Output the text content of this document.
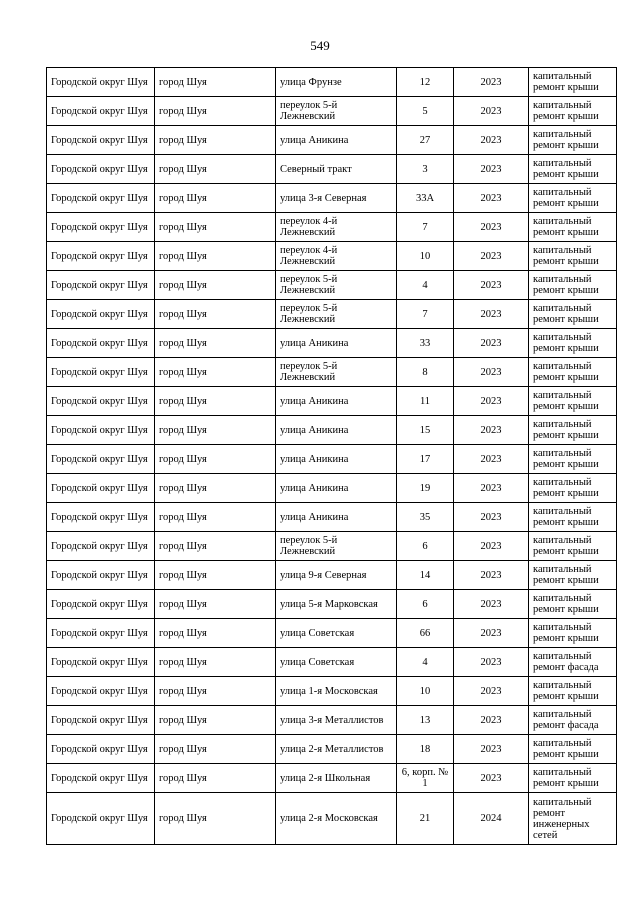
549
Городской округ Шуя	город Шуя	улица Фрунзе	12	2023	капитальный ремонт крыши
Городской округ Шуя	город Шуя	переулок 5-й Лежневский	5	2023	капитальный ремонт крыши
Городской округ Шуя	город Шуя	улица Аникина	27	2023	капитальный ремонт крыши
Городской округ Шуя	город Шуя	Северный тракт	3	2023	капитальный ремонт крыши
Городской округ Шуя	город Шуя	улица 3-я Северная	33А	2023	капитальный ремонт крыши
Городской округ Шуя	город Шуя	переулок 4-й Лежневский	7	2023	капитальный ремонт крыши
Городской округ Шуя	город Шуя	переулок 4-й Лежневский	10	2023	капитальный ремонт крыши
Городской округ Шуя	город Шуя	переулок 5-й Лежневский	4	2023	капитальный ремонт крыши
Городской округ Шуя	город Шуя	переулок 5-й Лежневский	7	2023	капитальный ремонт крыши
Городской округ Шуя	город Шуя	улица Аникина	33	2023	капитальный ремонт крыши
Городской округ Шуя	город Шуя	переулок 5-й Лежневский	8	2023	капитальный ремонт крыши
Городской округ Шуя	город Шуя	улица Аникина	11	2023	капитальный ремонт крыши
Городской округ Шуя	город Шуя	улица Аникина	15	2023	капитальный ремонт крыши
Городской округ Шуя	город Шуя	улица Аникина	17	2023	капитальный ремонт крыши
Городской округ Шуя	город Шуя	улица Аникина	19	2023	капитальный ремонт крыши
Городской округ Шуя	город Шуя	улица Аникина	35	2023	капитальный ремонт крыши
Городской округ Шуя	город Шуя	переулок 5-й Лежневский	6	2023	капитальный ремонт крыши
Городской округ Шуя	город Шуя	улица 9-я Северная	14	2023	капитальный ремонт крыши
Городской округ Шуя	город Шуя	улица 5-я Марковская	6	2023	капитальный ремонт крыши
Городской округ Шуя	город Шуя	улица Советская	66	2023	капитальный ремонт крыши
Городской округ Шуя	город Шуя	улица Советская	4	2023	капитальный ремонт фасада
Городской округ Шуя	город Шуя	улица 1-я Московская	10	2023	капитальный ремонт крыши
Городской округ Шуя	город Шуя	улица 3-я Металлистов	13	2023	капитальный ремонт фасада
Городской округ Шуя	город Шуя	улица 2-я Металлистов	18	2023	капитальный ремонт крыши
Городской округ Шуя	город Шуя	улица 2-я Школьная	6, корп. № 1	2023	капитальный ремонт крыши
Городской округ Шуя	город Шуя	улица 2-я Московская	21	2024	капитальный ремонт инженерных сетей
